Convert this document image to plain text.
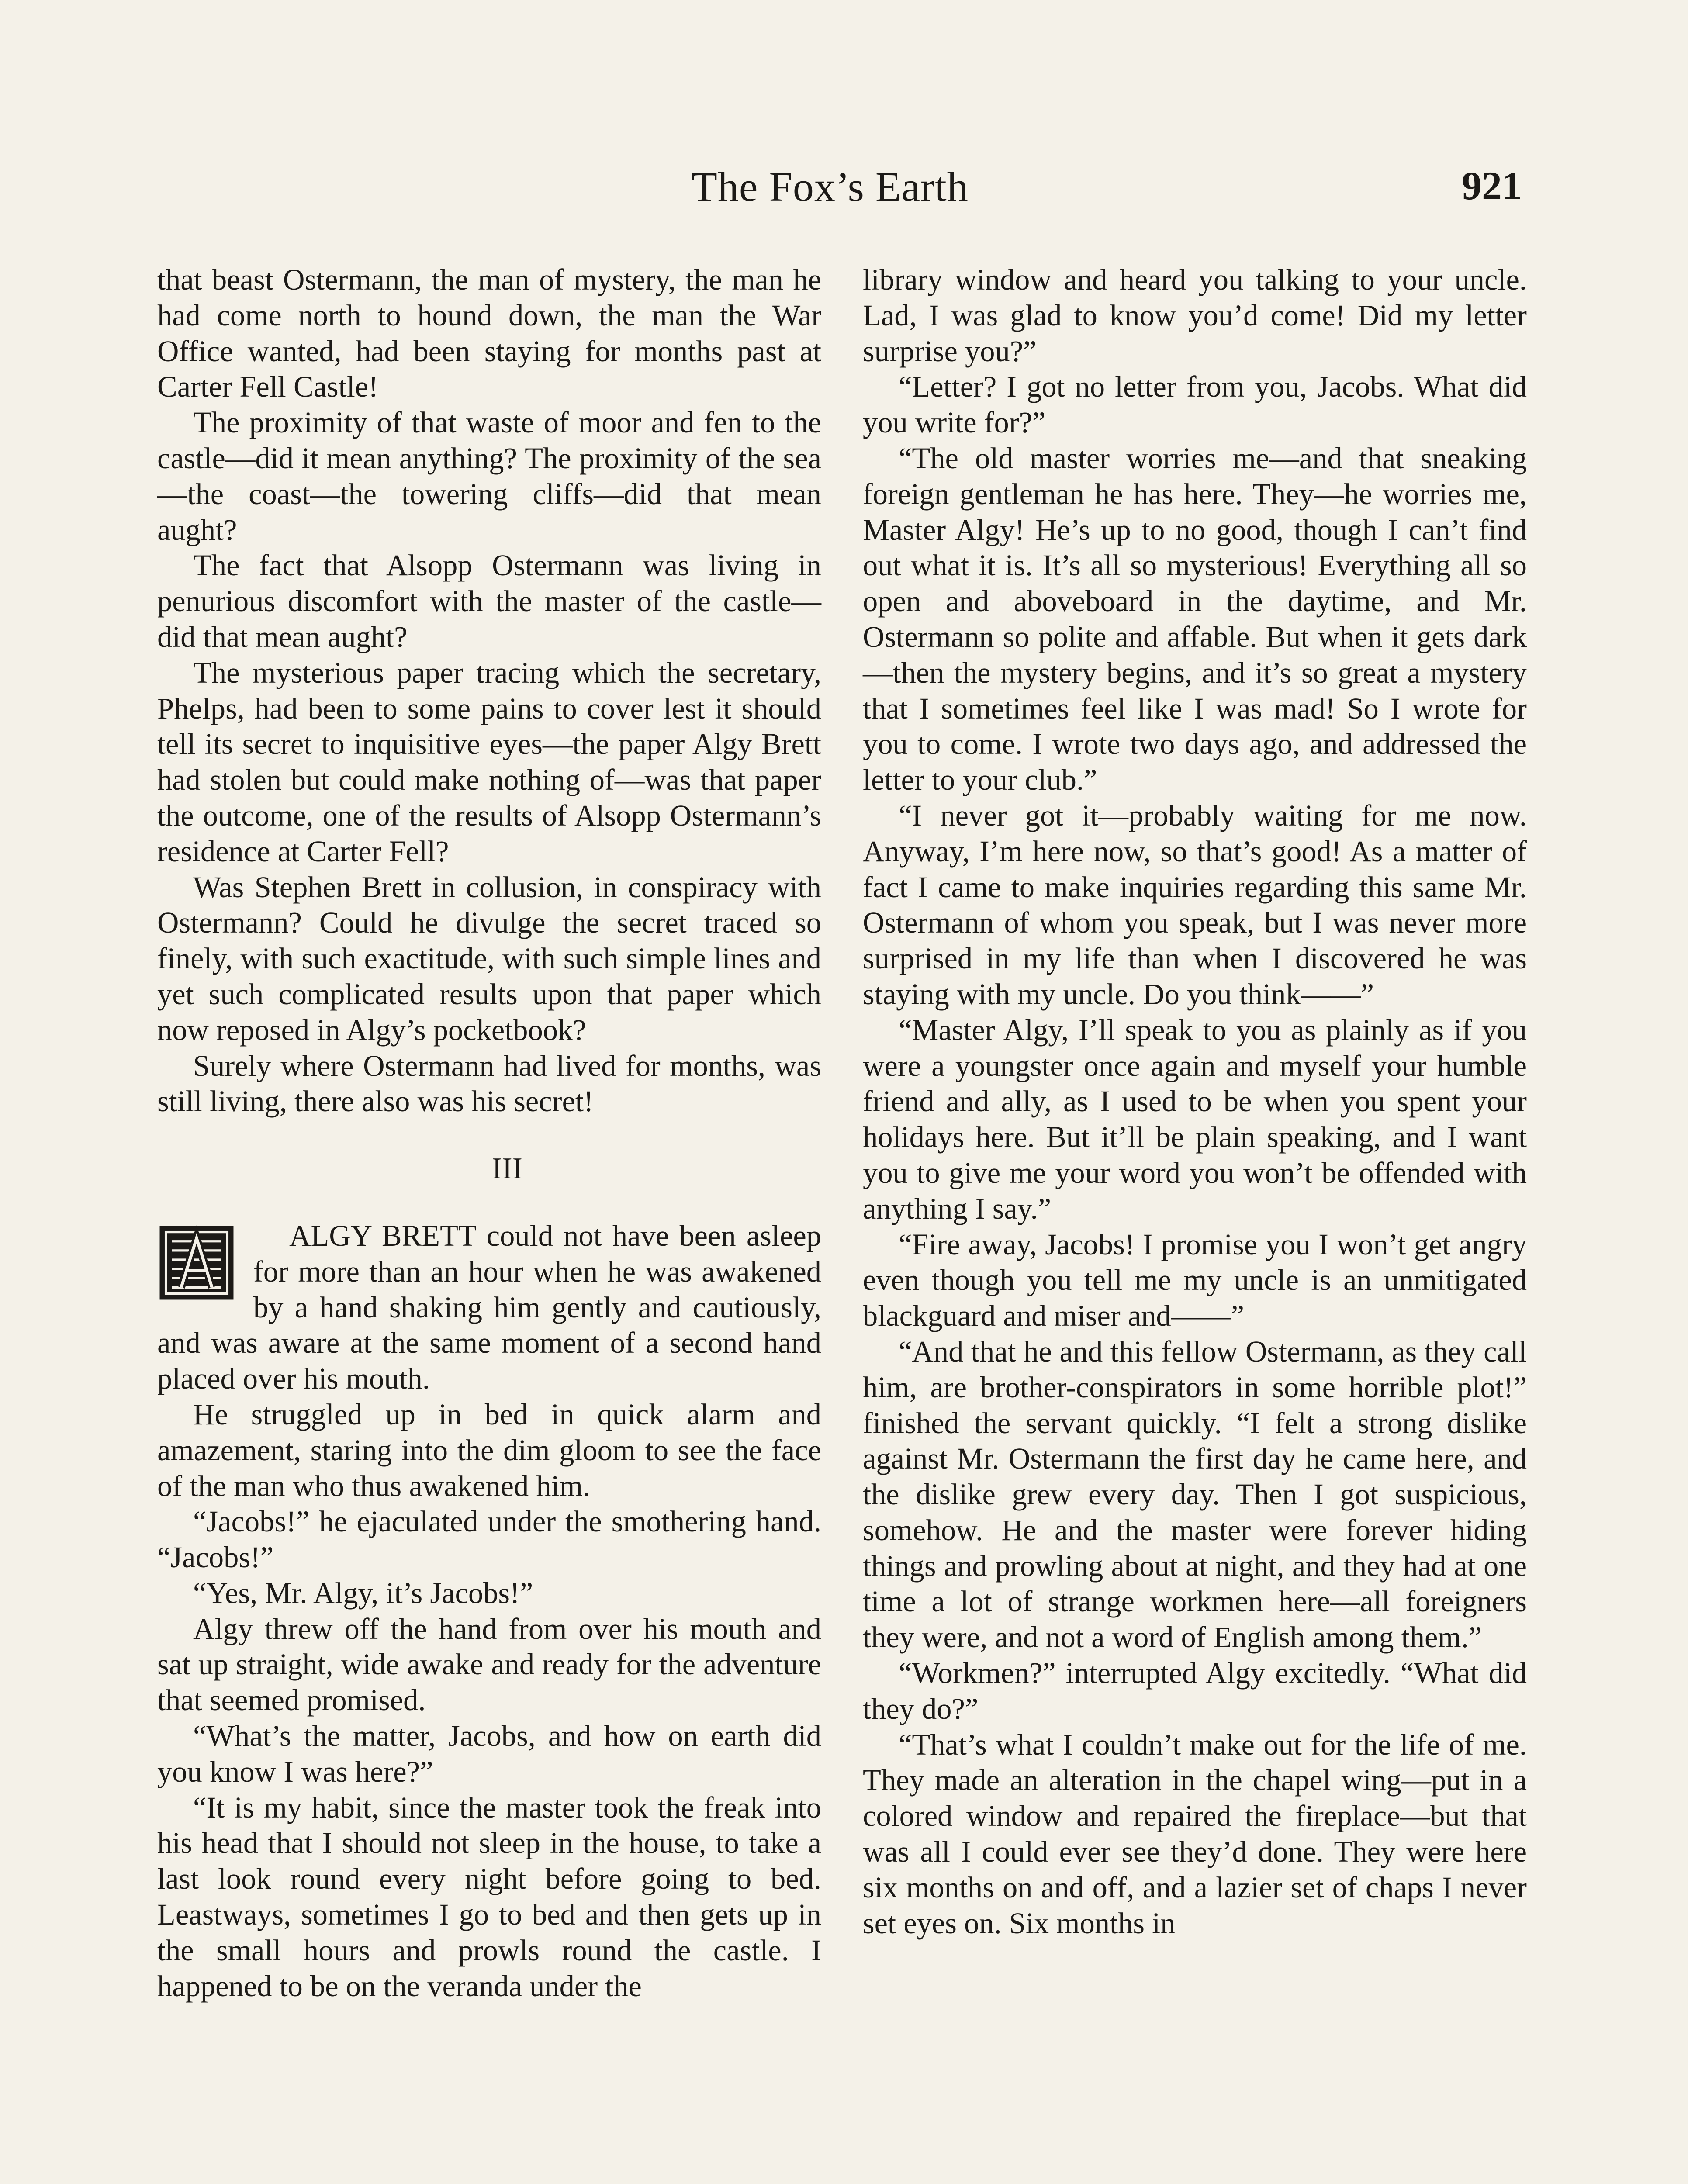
The Fox’s Earth	921

that beast Ostermann, the man of mystery, the man he had come north to hound down, the man the War Office wanted, had been staying for months past at Carter Fell Castle!

The proximity of that waste of moor and fen to the castle—did it mean anything? The proximity of the sea—the coast—the towering cliffs—did that mean aught?

The fact that Alsopp Ostermann was living in penurious discomfort with the master of the castle—did that mean aught?

The mysterious paper tracing which the secretary, Phelps, had been to some pains to cover lest it should tell its secret to inquisitive eyes—the paper Algy Brett had stolen but could make nothing of—was that paper the outcome, one of the results of Alsopp Ostermann’s residence at Carter Fell?

Was Stephen Brett in collusion, in conspiracy with Ostermann? Could he divulge the secret traced so finely, with such exactitude, with such simple lines and yet such complicated results upon that paper which now reposed in Algy’s pocketbook?

Surely where Ostermann had lived for months, was still living, there also was his secret!

III

ALGY BRETT could not have been asleep for more than an hour when he was awakened by a hand shaking him gently and cautiously, and was aware at the same moment of a second hand placed over his mouth.

He struggled up in bed in quick alarm and amazement, staring into the dim gloom to see the face of the man who thus awakened him.

“Jacobs!” he ejaculated under the smothering hand. “Jacobs!”

“Yes, Mr. Algy, it’s Jacobs!”

Algy threw off the hand from over his mouth and sat up straight, wide awake and ready for the adventure that seemed promised.

“What’s the matter, Jacobs, and how on earth did you know I was here?”

“It is my habit, since the master took the freak into his head that I should not sleep in the house, to take a last look round every night before going to bed. Leastways, sometimes I go to bed and then gets up in the small hours and prowls round the castle. I happened to be on the veranda under the

library window and heard you talking to your uncle. Lad, I was glad to know you’d come! Did my letter surprise you?”

“Letter? I got no letter from you, Jacobs. What did you write for?”

“The old master worries me—and that sneaking foreign gentleman he has here. They—he worries me, Master Algy! He’s up to no good, though I can’t find out what it is. It’s all so mysterious! Everything all so open and aboveboard in the daytime, and Mr. Ostermann so polite and affable. But when it gets dark—then the mystery begins, and it’s so great a mystery that I sometimes feel like I was mad! So I wrote for you to come. I wrote two days ago, and addressed the letter to your club.”

“I never got it—probably waiting for me now. Anyway, I’m here now, so that’s good! As a matter of fact I came to make inquiries regarding this same Mr. Ostermann of whom you speak, but I was never more surprised in my life than when I discovered he was staying with my uncle. Do you think——”

“Master Algy, I’ll speak to you as plainly as if you were a youngster once again and myself your humble friend and ally, as I used to be when you spent your holidays here. But it’ll be plain speaking, and I want you to give me your word you won’t be offended with anything I say.”

“Fire away, Jacobs! I promise you I won’t get angry even though you tell me my uncle is an unmitigated blackguard and miser and——”

“And that he and this fellow Ostermann, as they call him, are brother-conspirators in some horrible plot!” finished the servant quickly. “I felt a strong dislike against Mr. Ostermann the first day he came here, and the dislike grew every day. Then I got suspicious, somehow. He and the master were forever hiding things and prowling about at night, and they had at one time a lot of strange workmen here—all foreigners they were, and not a word of English among them.”

“Workmen?” interrupted Algy excitedly. “What did they do?”

“That’s what I couldn’t make out for the life of me. They made an alteration in the chapel wing—put in a colored window and repaired the fireplace—but that was all I could ever see they’d done. They were here six months on and off, and a lazier set of chaps I never set eyes on. Six months in
